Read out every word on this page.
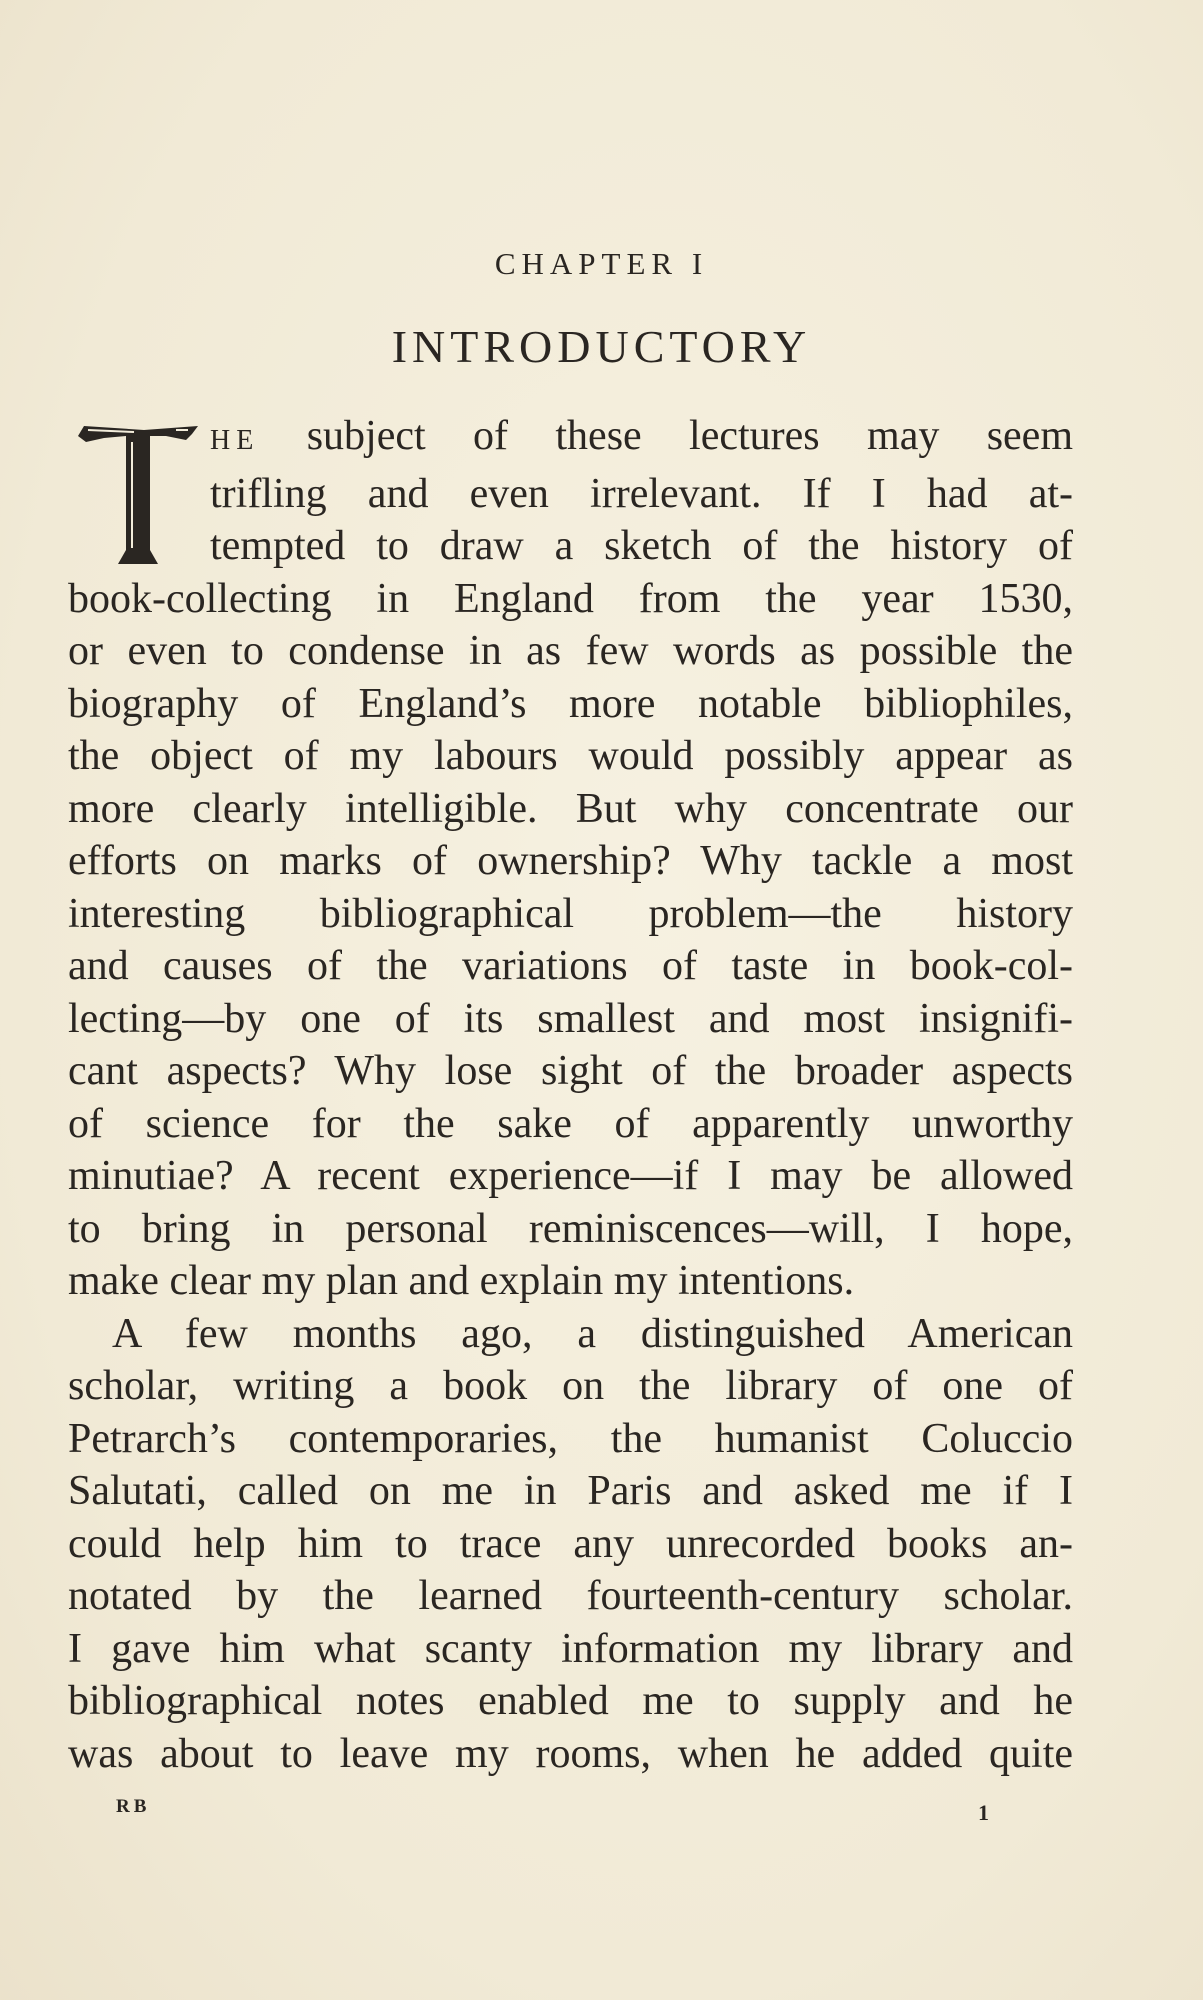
CHAPTER I
INTRODUCTORY
HE subject of these lectures may seem
trifling and even irrelevant. If I had at-
tempted to draw a sketch of the history of
book-collecting in England from the year 1530,
or even to condense in as few words as possible the
biography of England’s more notable bibliophiles,
the object of my labours would possibly appear as
more clearly intelligible. But why concentrate our
efforts on marks of ownership? Why tackle a most
interesting bibliographical problem—the history
and causes of the variations of taste in book-col-
lecting—by one of its smallest and most insignifi-
cant aspects? Why lose sight of the broader aspects
of science for the sake of apparently unworthy
minutiae? A recent experience—if I may be allowed
to bring in personal reminiscences—will, I hope,
make clear my plan and explain my intentions.
A few months ago, a distinguished American
scholar, writing a book on the library of one of
Petrarch’s contemporaries, the humanist Coluccio
Salutati, called on me in Paris and asked me if I
could help him to trace any unrecorded books an-
notated by the learned fourteenth-century scholar.
I gave him what scanty information my library and
bibliographical notes enabled me to supply and he
was about to leave my rooms, when he added quite
RB	1
